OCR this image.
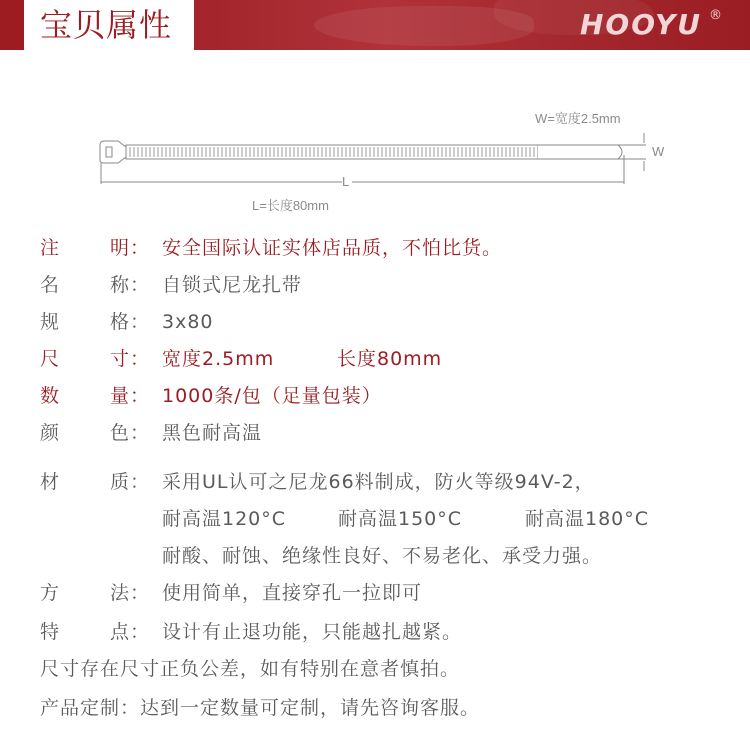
宝贝属性	HOOYU ®
W=宽度2.5mm
W
L
L=长度80mm
注	明： 安全国际认证实体店品质，不怕比货。
名	称： 自锁式尼龙扎带
规	格： 3x80
尺	寸： 宽度2.5mm	长度80mm
数	量： 1000条/包（足量包装）
颜	色： 黑色耐高温
材	质： 采用UL认可之尼龙66料制成，防火等级94V-2，
耐高温120°C	耐高温150°C	耐高温180°C
耐酸、耐蚀、绝缘性良好、不易老化、承受力强。
方	法： 使用简单，直接穿孔一拉即可
特	点： 设计有止退功能，只能越扎越紧。
尺寸存在尺寸正负公差，如有特别在意者慎拍。
产品定制：达到一定数量可定制，请先咨询客服。
